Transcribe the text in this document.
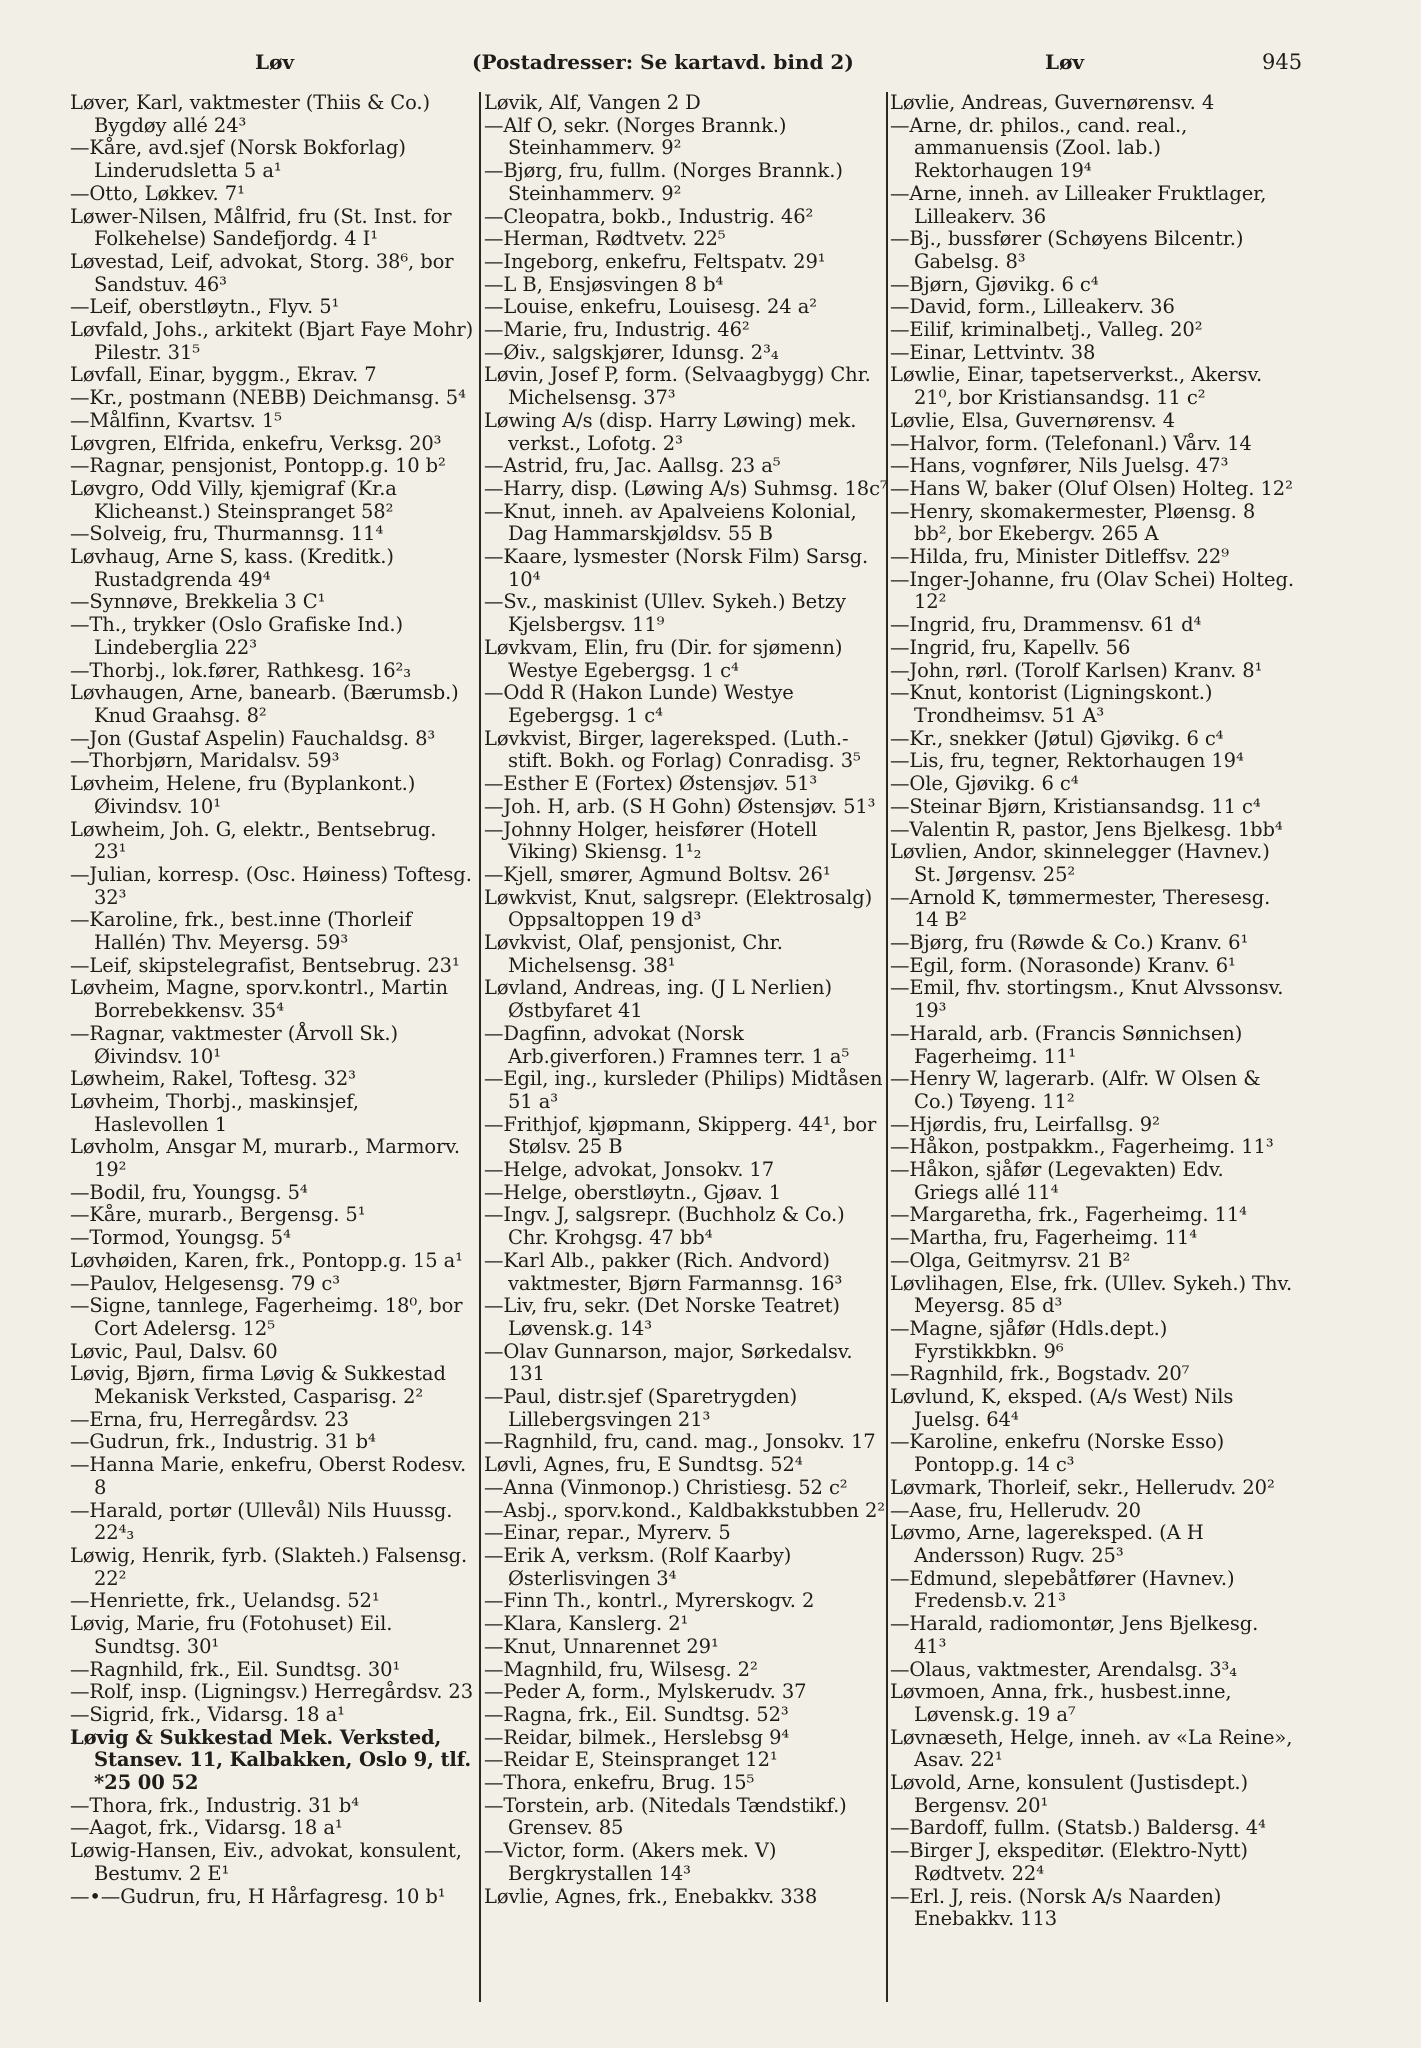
Løv	(Postadresser: Se kartavd. bind 2)	Løv	945

Løver, Karl, vaktmester (Thiis & Co.) Bygdøy allé 24³

—Kåre, avd.sjef (Norsk Bokforlag) Linderudsletta 5 a¹

—Otto, Løkkev. 7¹

Løwer-Nilsen, Målfrid, fru (St. Inst. for Folkehelse) Sandefjordg. 4 I¹

Løvestad, Leif, advokat, Storg. 38⁶, bor Sandstuv. 46³

—Leif, oberstløytn., Flyv. 5¹

Løvfald, Johs., arkitekt (Bjart Faye Mohr) Pilestr. 31⁵

Løvfall, Einar, byggm., Ekrav. 7

—Kr., postmann (NEBB) Deichmansg. 5⁴

—Målfinn, Kvartsv. 1⁵

Løvgren, Elfrida, enkefru, Verksg. 20³

—Ragnar, pensjonist, Pontopp.g. 10 b²

Løvgro, Odd Villy, kjemigraf (Kr.a Klicheanst.) Steinspranget 58²

—Solveig, fru, Thurmannsg. 11⁴

Løvhaug, Arne S, kass. (Kreditk.) Rustadgrenda 49⁴

—Synnøve, Brekkelia 3 C¹

—Th., trykker (Oslo Grafiske Ind.) Lindeberglia 22³

—Thorbj., lok.fører, Rathkesg. 16²₃

Løvhaugen, Arne, banearb. (Bærumsb.) Knud Graahsg. 8²

—Jon (Gustaf Aspelin) Fauchaldsg. 8³

—Thorbjørn, Maridalsv. 59³

Løvheim, Helene, fru (Byplankont.) Øivindsv. 10¹

Løwheim, Joh. G, elektr., Bentsebrug. 23¹

—Julian, korresp. (Osc. Høiness) Toftesg. 32³

—Karoline, frk., best.inne (Thorleif Hallén) Thv. Meyersg. 59³

—Leif, skipstelegrafist, Bentsebrug. 23¹

Løvheim, Magne, sporv.kontrl., Martin Borrebekkensv. 35⁴

—Ragnar, vaktmester (Årvoll Sk.) Øivindsv. 10¹

Løwheim, Rakel, Toftesg. 32³

Løvheim, Thorbj., maskinsjef, Haslevollen 1

Løvholm, Ansgar M, murarb., Marmorv. 19²

—Bodil, fru, Youngsg. 5⁴

—Kåre, murarb., Bergensg. 5¹

—Tormod, Youngsg. 5⁴

Løvhøiden, Karen, frk., Pontopp.g. 15 a¹

—Paulov, Helgesensg. 79 c³

—Signe, tannlege, Fagerheimg. 18⁰, bor Cort Adelersg. 12⁵

Løvic, Paul, Dalsv. 60

Løvig, Bjørn, firma Løvig & Sukkestad Mekanisk Verksted, Casparisg. 2²

—Erna, fru, Herregårdsv. 23

—Gudrun, frk., Industrig. 31 b⁴

—Hanna Marie, enkefru, Oberst Rodesv. 8

—Harald, portør (Ullevål) Nils Huussg. 22⁴₃

Løwig, Henrik, fyrb. (Slakteh.) Falsensg. 22²

—Henriette, frk., Uelandsg. 52¹

Løvig, Marie, fru (Fotohuset) Eil. Sundtsg. 30¹

—Ragnhild, frk., Eil. Sundtsg. 30¹

—Rolf, insp. (Ligningsv.) Herregårdsv. 23

—Sigrid, frk., Vidarsg. 18 a¹

Løvig & Sukkestad Mek. Verksted, Stansev. 11, Kalbakken, Oslo 9, tlf. *25 00 52

—Thora, frk., Industrig. 31 b⁴

—Aagot, frk., Vidarsg. 18 a¹

Løwig-Hansen, Eiv., advokat, konsulent, Bestumv. 2 E¹

—•—Gudrun, fru, H Hårfagresg. 10 b¹

Løvik, Alf, Vangen 2 D

—Alf O, sekr. (Norges Brannk.) Steinhammerv. 9²

—Bjørg, fru, fullm. (Norges Brannk.) Steinhammerv. 9²

—Cleopatra, bokb., Industrig. 46²

—Herman, Rødtvetv. 22⁵

—Ingeborg, enkefru, Feltspatv. 29¹

—L B, Ensjøsvingen 8 b⁴

—Louise, enkefru, Louisesg. 24 a²

—Marie, fru, Industrig. 46²

—Øiv., salgskjører, Idunsg. 2³₄

Løvin, Josef P, form. (Selvaagbygg) Chr. Michelsensg. 37³

Løwing A/s (disp. Harry Løwing) mek. verkst., Lofotg. 2³

—Astrid, fru, Jac. Aallsg. 23 a⁵

—Harry, disp. (Løwing A/s) Suhmsg. 18c⁷

—Knut, inneh. av Apalveiens Kolonial, Dag Hammarskjøldsv. 55 B

—Kaare, lysmester (Norsk Film) Sarsg. 10⁴

—Sv., maskinist (Ullev. Sykeh.) Betzy Kjelsbergsv. 11⁹

Løvkvam, Elin, fru (Dir. for sjømenn) Westye Egebergsg. 1 c⁴

—Odd R (Hakon Lunde) Westye Egebergsg. 1 c⁴

Løvkvist, Birger, lagereksped. (Luth.-stift. Bokh. og Forlag) Conradisg. 3⁵

—Esther E (Fortex) Østensjøv. 51³

—Joh. H, arb. (S H Gohn) Østensjøv. 51³

—Johnny Holger, heisfører (Hotell Viking) Skiensg. 1¹₂

—Kjell, smører, Agmund Boltsv. 26¹

Løwkvist, Knut, salgsrepr. (Elektrosalg) Oppsaltoppen 19 d³

Løvkvist, Olaf, pensjonist, Chr. Michelsensg. 38¹

Løvland, Andreas, ing. (J L Nerlien) Østbyfaret 41

—Dagfinn, advokat (Norsk Arb.giverforen.) Framnes terr. 1 a⁵

—Egil, ing., kursleder (Philips) Midtåsen 51 a³

—Frithjof, kjøpmann, Skipperg. 44¹, bor Stølsv. 25 B

—Helge, advokat, Jonsokv. 17

—Helge, oberstløytn., Gjøav. 1

—Ingv. J, salgsrepr. (Buchholz & Co.) Chr. Krohgsg. 47 bb⁴

—Karl Alb., pakker (Rich. Andvord) vaktmester, Bjørn Farmannsg. 16³

—Liv, fru, sekr. (Det Norske Teatret) Løvensk.g. 14³

—Olav Gunnarson, major, Sørkedalsv. 131

—Paul, distr.sjef (Sparetrygden) Lillebergsvingen 21³

—Ragnhild, fru, cand. mag., Jonsokv. 17

Løvli, Agnes, fru, E Sundtsg. 52⁴

—Anna (Vinmonop.) Christiesg. 52 c²

—Asbj., sporv.kond., Kaldbakkstubben 2²

—Einar, repar., Myrerv. 5

—Erik A, verksm. (Rolf Kaarby) Østerlisvingen 3⁴

—Finn Th., kontrl., Myrerskogv. 2

—Klara, Kanslerg. 2¹

—Knut, Unnarennet 29¹

—Magnhild, fru, Wilsesg. 2²

—Peder A, form., Mylskerudv. 37

—Ragna, frk., Eil. Sundtsg. 52³

—Reidar, bilmek., Herslebsg 9⁴

—Reidar E, Steinspranget 12¹

—Thora, enkefru, Brug. 15⁵

—Torstein, arb. (Nitedals Tændstikf.) Grensev. 85

—Victor, form. (Akers mek. V) Bergkrystallen 14³

Løvlie, Agnes, frk., Enebakkv. 338

Løvlie, Andreas, Guvernørensv. 4

—Arne, dr. philos., cand. real., ammanuensis (Zool. lab.) Rektorhaugen 19⁴

—Arne, inneh. av Lilleaker Fruktlager, Lilleakerv. 36

—Bj., bussfører (Schøyens Bilcentr.) Gabelsg. 8³

—Bjørn, Gjøvikg. 6 c⁴

—David, form., Lilleakerv. 36

—Eilif, kriminalbetj., Valleg. 20²

—Einar, Lettvintv. 38

Løwlie, Einar, tapetserverkst., Akersv. 21⁰, bor Kristiansandsg. 11 c²

Løvlie, Elsa, Guvernørensv. 4

—Halvor, form. (Telefonanl.) Vårv. 14

—Hans, vognfører, Nils Juelsg. 47³

—Hans W, baker (Oluf Olsen) Holteg. 12²

—Henry, skomakermester, Pløensg. 8 bb², bor Ekebergv. 265 A

—Hilda, fru, Minister Ditleffsv. 22⁹

—Inger-Johanne, fru (Olav Schei) Holteg. 12²

—Ingrid, fru, Drammensv. 61 d⁴

—Ingrid, fru, Kapellv. 56

—John, rørl. (Torolf Karlsen) Kranv. 8¹

—Knut, kontorist (Ligningskont.) Trondheimsv. 51 A³

—Kr., snekker (Jøtul) Gjøvikg. 6 c⁴

—Lis, fru, tegner, Rektorhaugen 19⁴

—Ole, Gjøvikg. 6 c⁴

—Steinar Bjørn, Kristiansandsg. 11 c⁴

—Valentin R, pastor, Jens Bjelkesg. 1bb⁴

Løvlien, Andor, skinnelegger (Havnev.) St. Jørgensv. 25²

—Arnold K, tømmermester, Theresesg. 14 B²

—Bjørg, fru (Røwde & Co.) Kranv. 6¹

—Egil, form. (Norasonde) Kranv. 6¹

—Emil, fhv. stortingsm., Knut Alvssonsv. 19³

—Harald, arb. (Francis Sønnichsen) Fagerheimg. 11¹

—Henry W, lagerarb. (Alfr. W Olsen & Co.) Tøyeng. 11²

—Hjørdis, fru, Leirfallsg. 9²

—Håkon, postpakkm., Fagerheimg. 11³

—Håkon, sjåfør (Legevakten) Edv. Griegs allé 11⁴

—Margaretha, frk., Fagerheimg. 11⁴

—Martha, fru, Fagerheimg. 11⁴

—Olga, Geitmyrsv. 21 B²

Løvlihagen, Else, frk. (Ullev. Sykeh.) Thv. Meyersg. 85 d³

—Magne, sjåfør (Hdls.dept.) Fyrstikkbkn. 9⁶

—Ragnhild, frk., Bogstadv. 20⁷

Løvlund, K, eksped. (A/s West) Nils Juelsg. 64⁴

—Karoline, enkefru (Norske Esso) Pontopp.g. 14 c³

Løvmark, Thorleif, sekr., Hellerudv. 20²

—Aase, fru, Hellerudv. 20

Løvmo, Arne, lagereksped. (A H Andersson) Rugv. 25³

—Edmund, slepebåtfører (Havnev.) Fredensb.v. 21³

—Harald, radiomontør, Jens Bjelkesg. 41³

—Olaus, vaktmester, Arendalsg. 3³₄

Løvmoen, Anna, frk., husbest.inne, Løvensk.g. 19 a⁷

Løvnæseth, Helge, inneh. av «La Reine», Asav. 22¹

Løvold, Arne, konsulent (Justisdept.) Bergensv. 20¹

—Bardoff, fullm. (Statsb.) Baldersg. 4⁴

—Birger J, ekspeditør. (Elektro-Nytt) Rødtvetv. 22⁴

—Erl. J, reis. (Norsk A/s Naarden) Enebakkv. 113
